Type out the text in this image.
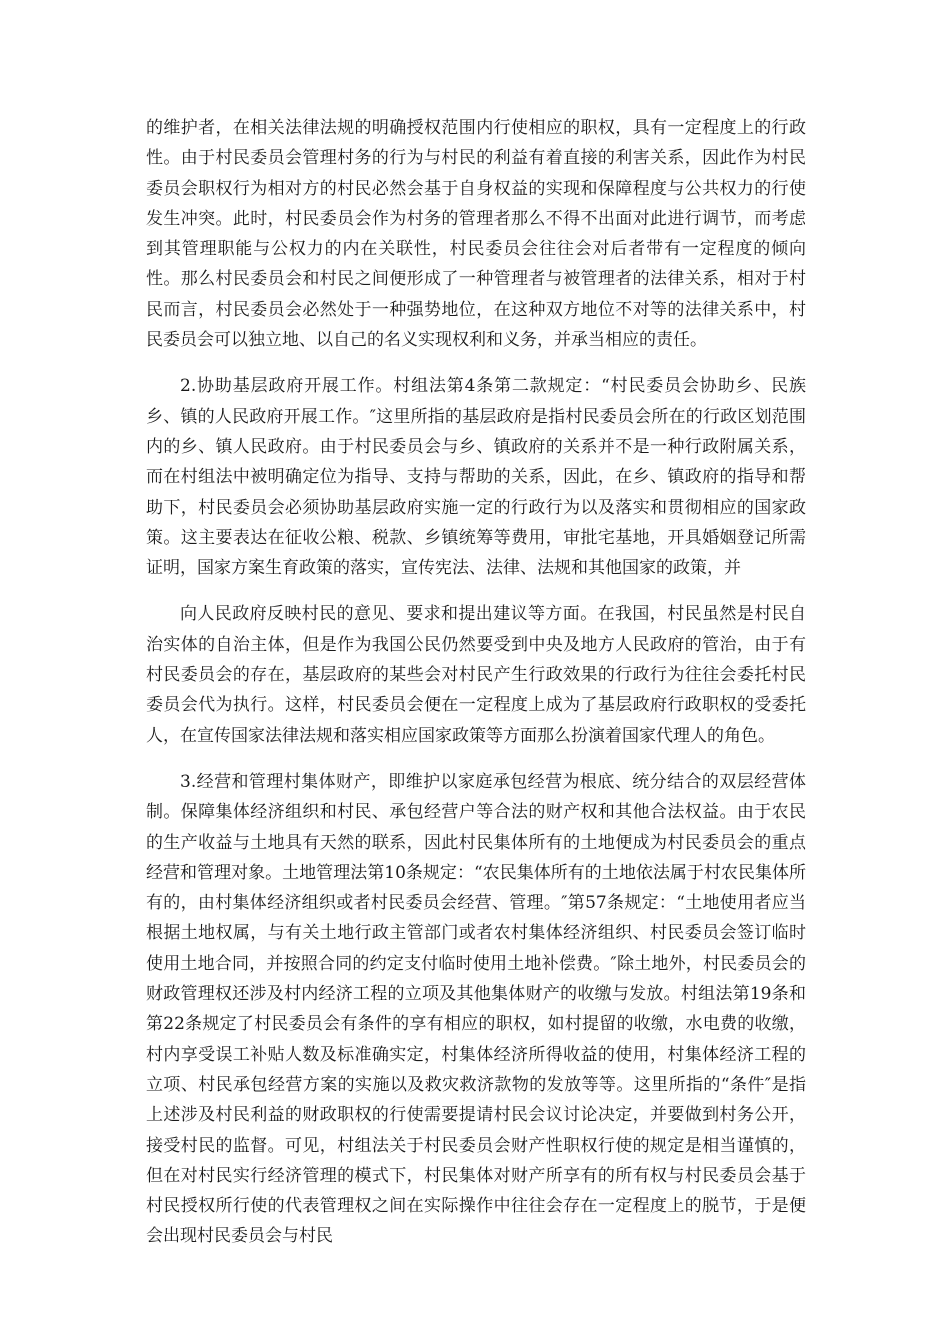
的维护者，在相关法律法规的明确授权范围内行使相应的职权，具有一定程度上的行政性。由于村民委员会管理村务的行为与村民的利益有着直接的利害关系，因此作为村民委员会职权行为相对方的村民必然会基于自身权益的实现和保障程度与公共权力的行使发生冲突。此时，村民委员会作为村务的管理者那么不得不出面对此进行调节，而考虑到其管理职能与公权力的内在关联性，村民委员会往往会对后者带有一定程度的倾向性。那么村民委员会和村民之间便形成了一种管理者与被管理者的法律关系，相对于村民而言，村民委员会必然处于一种强势地位，在这种双方地位不对等的法律关系中，村民委员会可以独立地、以自己的名义实现权利和义务，并承当相应的责任。

2.协助基层政府开展工作。村组法第4条第二款规定：“村民委员会协助乡、民族乡、镇的人民政府开展工作。″这里所指的基层政府是指村民委员会所在的行政区划范围内的乡、镇人民政府。由于村民委员会与乡、镇政府的关系并不是一种行政附属关系，而在村组法中被明确定位为指导、支持与帮助的关系，因此，在乡、镇政府的指导和帮助下，村民委员会必须协助基层政府实施一定的行政行为以及落实和贯彻相应的国家政策。这主要表达在征收公粮、税款、乡镇统筹等费用，审批宅基地，开具婚姻登记所需证明，国家方案生育政策的落实，宣传宪法、法律、法规和其他国家的政策，并

向人民政府反映村民的意见、要求和提出建议等方面。在我国，村民虽然是村民自治实体的自治主体，但是作为我国公民仍然要受到中央及地方人民政府的管治，由于有村民委员会的存在，基层政府的某些会对村民产生行政效果的行政行为往往会委托村民委员会代为执行。这样，村民委员会便在一定程度上成为了基层政府行政职权的受委托人，在宣传国家法律法规和落实相应国家政策等方面那么扮演着国家代理人的角色。

3.经营和管理村集体财产，即维护以家庭承包经营为根底、统分结合的双层经营体制。保障集体经济组织和村民、承包经营户等合法的财产权和其他合法权益。由于农民的生产收益与土地具有天然的联系，因此村民集体所有的土地便成为村民委员会的重点经营和管理对象。土地管理法第10条规定：“农民集体所有的土地依法属于村农民集体所有的，由村集体经济组织或者村民委员会经营、管理。″第57条规定：“土地使用者应当根据土地权属，与有关土地行政主管部门或者农村集体经济组织、村民委员会签订临时使用土地合同，并按照合同的约定支付临时使用土地补偿费。″除土地外，村民委员会的财政管理权还涉及村内经济工程的立项及其他集体财产的收缴与发放。村组法第19条和第22条规定了村民委员会有条件的享有相应的职权，如村提留的收缴，水电费的收缴，村内享受误工补贴人数及标准确实定，村集体经济所得收益的使用，村集体经济工程的立项、村民承包经营方案的实施以及救灾救济款物的发放等等。这里所指的“条件″是指上述涉及村民利益的财政职权的行使需要提请村民会议讨论决定，并要做到村务公开，接受村民的监督。可见，村组法关于村民委员会财产性职权行使的规定是相当谨慎的，但在对村民实行经济管理的模式下，村民集体对财产所享有的所有权与村民委员会基于村民授权所行使的代表管理权之间在实际操作中往往会存在一定程度上的脱节，于是便会出现村民委员会与村民
